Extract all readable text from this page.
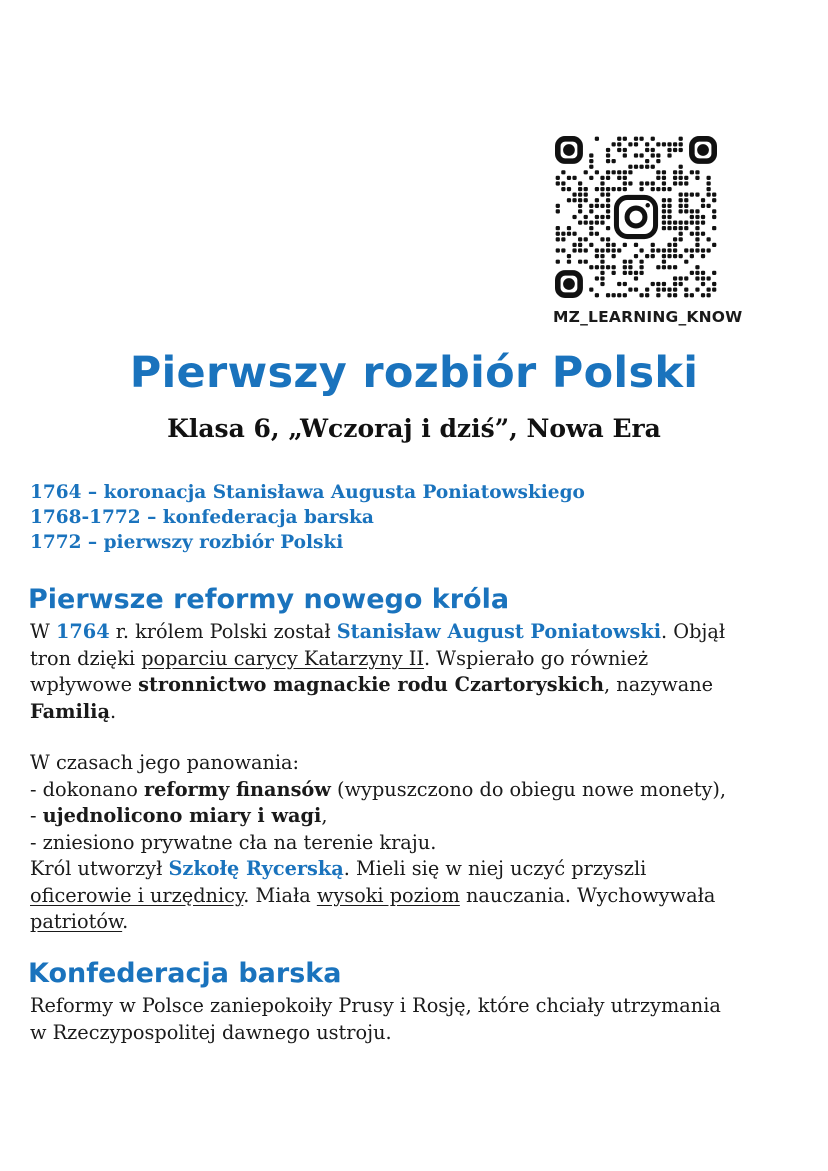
MZ_LEARNING_KNOW
Pierwszy rozbiór Polski
Klasa 6, „Wczoraj i dziś”, Nowa Era
1764 – koronacja Stanisława Augusta Poniatowskiego
1768-1772 – konfederacja barska
1772 – pierwszy rozbiór Polski
Pierwsze reformy nowego króla
W 1764 r. królem Polski został Stanisław August Poniatowski. Objął
tron dzięki poparciu carycy Katarzyny II. Wspierało go również
wpływowe stronnictwo magnackie rodu Czartoryskich, nazywane
Familią.
W czasach jego panowania:
- dokonano reformy finansów (wypuszczono do obiegu nowe monety),
- ujednolicono miary i wagi,
- zniesiono prywatne cła na terenie kraju.
Król utworzył Szkołę Rycerską. Mieli się w niej uczyć przyszli
oficerowie i urzędnicy. Miała wysoki poziom nauczania. Wychowywała
patriotów.
Konfederacja barska
Reformy w Polsce zaniepokoiły Prusy i Rosję, które chciały utrzymania
w Rzeczypospolitej dawnego ustroju.
